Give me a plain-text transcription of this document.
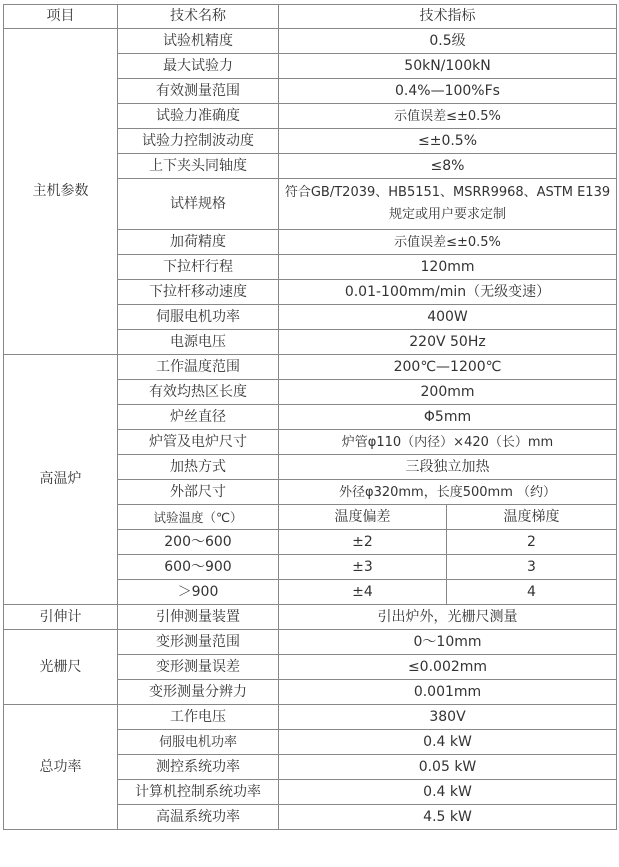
项目	技术名称	技术指标	
主机参数	试验机精度	0.5级	
	最大试验力	50kN/100kN	
	有效测量范围	0.4%—100%Fs	
	试验力准确度	示值误差≤±0.5%	
	试验力控制波动度	≤±0.5%	
	上下夹头同轴度	≤8%	
	试样规格	符合GB/T2039、HB5151、MSRR9968、ASTM E139规定或用户要求定制	
	加荷精度	示值误差≤±0.5%	
	下拉杆行程	120mm	
	下拉杆移动速度	0.01-100mm/min（无级变速）	
	伺服电机功率	400W	
	电源电压	220V 50Hz	
高温炉	工作温度范围	200℃—1200℃	
	有效均热区长度	200mm	
	炉丝直径	Φ5mm	
	炉管及电炉尺寸	炉管φ110（内径）×420（长）mm	
	加热方式	三段独立加热	
	外部尺寸	外径φ320mm，长度500mm （约）	
	试验温度（℃）	温度偏差	温度梯度
	200～600	±2	2
	600～900	±3	3
	＞900	±4	4
引伸计	引伸测量装置	引出炉外，光栅尺测量	
光栅尺	变形测量范围	0～10mm	
	变形测量误差	≤0.002mm	
	变形测量分辨力	0.001mm	
总功率	工作电压	380V	
	伺服电机功率	0.4 kW	
	测控系统功率	0.05 kW	
	计算机控制系统功率	0.4 kW	
	高温系统功率	4.5 kW	
